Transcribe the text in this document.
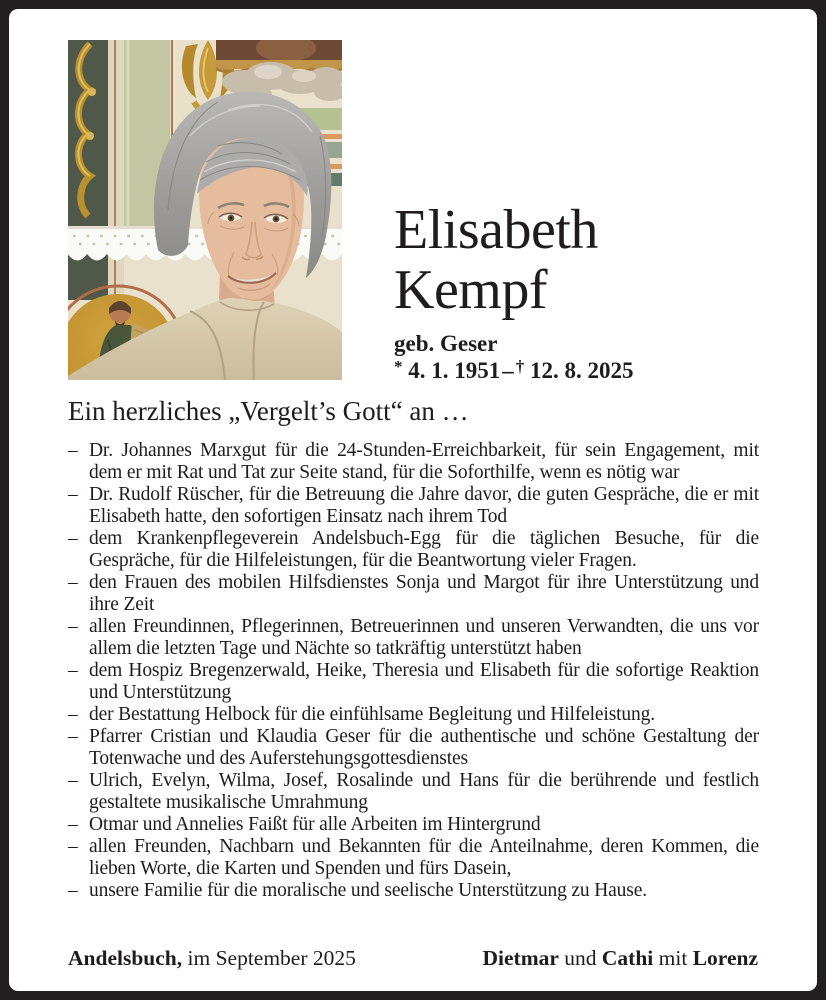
Elisabeth
Kempf
geb. Geser
* 4. 1. 1951– † 12. 8. 2025
Ein herzliches „Vergelt’s Gott“ an …
– Dr. Johannes Marxgut für die 24-Stunden-Erreichbarkeit, für sein Engagement, mit dem er mit Rat und Tat zur Seite stand, für die Soforthilfe, wenn es nötig war

– Dr. Rudolf Rüscher, für die Betreuung die Jahre davor, die guten Gespräche, die er mit Elisabeth hatte, den sofortigen Einsatz nach ihrem Tod

– dem Krankenpflegeverein Andelsbuch-Egg für die täglichen Besuche, für die Gespräche, für die Hilfeleistungen, für die Beantwortung vieler Fragen.

– den Frauen des mobilen Hilfsdienstes Sonja und Margot für ihre Unterstützung und ihre Zeit

– allen Freundinnen, Pflegerinnen, Betreuerinnen und unseren Verwandten, die uns vor allem die letzten Tage und Nächte so tatkräftig unterstützt haben

– dem Hospiz Bregenzerwald, Heike, Theresia und Elisabeth für die sofortige Reaktion und Unterstützung

– der Bestattung Helbock für die einfühlsame Begleitung und Hilfeleistung.

– Pfarrer Cristian und Klaudia Geser für die authentische und schöne Gestaltung der Totenwache und des Auferstehungsgottesdienstes

– Ulrich, Evelyn, Wilma, Josef, Rosalinde und Hans für die berührende und festlich gestaltete musikalische Umrahmung

– Otmar und Annelies Faißt für alle Arbeiten im Hintergrund

– allen Freunden, Nachbarn und Bekannten für die Anteilnahme, deren Kommen, die lieben Worte, die Karten und Spenden und fürs Dasein,

– unsere Familie für die moralische und seelische Unterstützung zu Hause.

Andelsbuch, im September 2025	Dietmar und Cathi mit Lorenz
